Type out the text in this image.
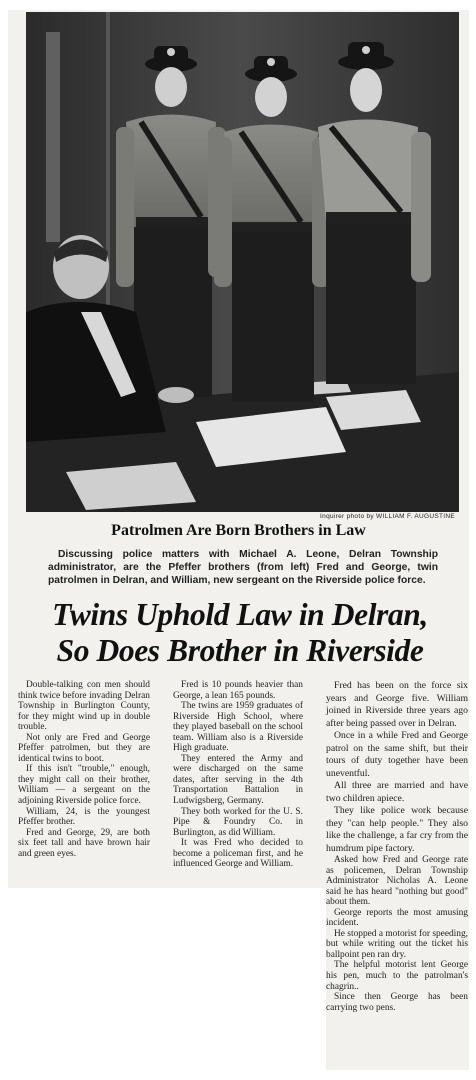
Inquirer photo by WILLIAM F. AUGUSTINE
Patrolmen Are Born Brothers in Law
Discussing police matters with Michael A. Leone, Delran Township administrator, are the Pfeffer brothers (from left) Fred and George, twin patrolmen in Delran, and William, new sergeant on the Riverside police force.
Twins Uphold Law in Delran,
So Does Brother in Riverside

Double-talking con men should think twice before invading Delran Township in Burlington County, for they might wind up in double trouble.

Not only are Fred and George Pfeffer patrolmen, but they are identical twins to boot.

If this isn't "trouble," enough, they might call on their brother, William — a sergeant on the adjoining Riverside police force.

William, 24, is the youngest Pfeffer brother.

Fred and George, 29, are both six feet tall and have brown hair and green eyes.

Fred is 10 pounds heavier than George, a lean 165 pounds.

The twins are 1959 graduates of Riverside High School, where they played baseball on the school team. William also is a Riverside High graduate.

They entered the Army and were discharged on the same dates, after serving in the 4th Transportation Battalion in Ludwigsberg, Germany.

They both worked for the U. S. Pipe & Foundry Co. in Burlington, as did William.

It was Fred who decided to become a policeman first, and he influenced George and William.

Fred has been on the force six years and George five. William joined in Riverside three years ago after being passed over in Delran.

Once in a while Fred and George patrol on the same shift, but their tours of duty together have been uneventful.

All three are married and have two children apiece.

They like police work because they "can help people." They also like the challenge, a far cry from the humdrum pipe factory.

Asked how Fred and George rate as policemen, Delran Township Administrator Nicholas A. Leone said he has heard "nothing but good" about them.

George reports the most amusing incident.

He stopped a motorist for speeding, but while writing out the ticket his ballpoint pen ran dry.

The helpful motorist lent George his pen, much to the patrolman's chagrin..

Since then George has been carrying two pens.
